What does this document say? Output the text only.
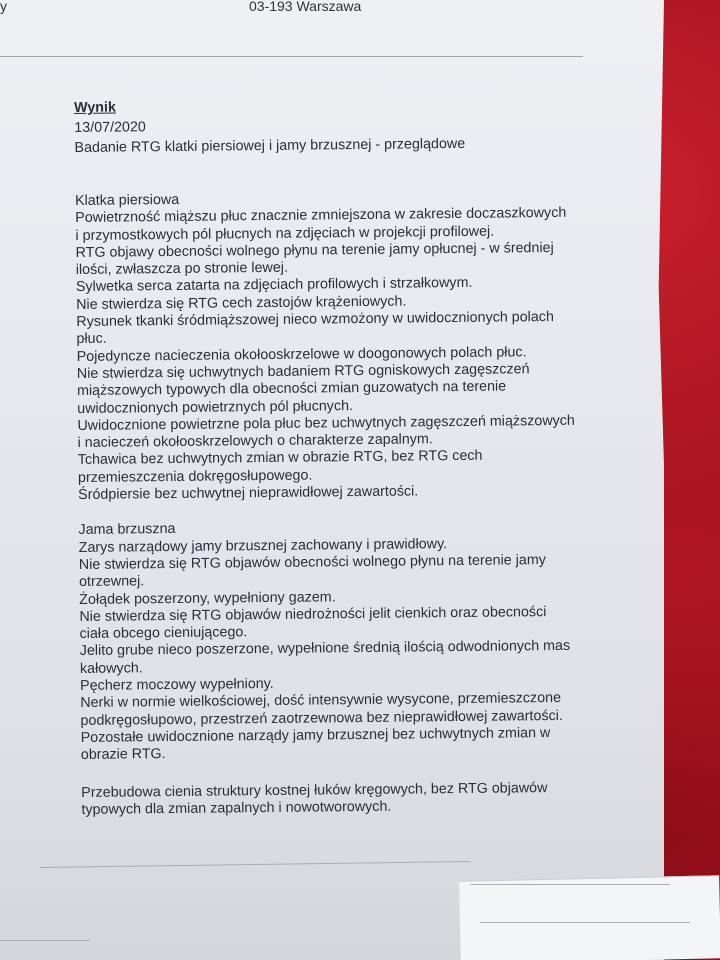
y	03-193 Warszawa

Wynik

13/07/2020

Badanie RTG klatki piersiowej i jamy brzusznej - przeglądowe

Klatka piersiowa

Powietrzność miąższu płuc znacznie zmniejszona w zakresie doczaszkowych

i przymostkowych pól płucnych na zdjęciach w projekcji profilowej.

RTG objawy obecności wolnego płynu na terenie jamy opłucnej - w średniej

ilości, zwłaszcza po stronie lewej.

Sylwetka serca zatarta na zdjęciach profilowych i strzałkowym.

Nie stwierdza się RTG cech zastojów krążeniowych.

Rysunek tkanki śródmiąższowej nieco wzmożony w uwidocznionych polach

płuc.

Pojedyncze nacieczenia okołooskrzelowe w doogonowych polach płuc.

Nie stwierdza się uchwytnych badaniem RTG ogniskowych zagęszczeń

miąższowych typowych dla obecności zmian guzowatych na terenie

uwidocznionych powietrznych pól płucnych.

Uwidocznione powietrzne pola płuc bez uchwytnych zagęszczeń miąższowych

i nacieczeń okołooskrzelowych o charakterze zapalnym.

Tchawica bez uchwytnych zmian w obrazie RTG, bez RTG cech

przemieszczenia dokręgosłupowego.

Śródpiersie bez uchwytnej nieprawidłowej zawartości.

Jama brzuszna

Zarys narządowy jamy brzusznej zachowany i prawidłowy.

Nie stwierdza się RTG objawów obecności wolnego płynu na terenie jamy

otrzewnej.

Żołądek poszerzony, wypełniony gazem.

Nie stwierdza się RTG objawów niedrożności jelit cienkich oraz obecności

ciała obcego cieniującego.

Jelito grube nieco poszerzone, wypełnione średnią ilością odwodnionych mas

kałowych.

Pęcherz moczowy wypełniony.

Nerki w normie wielkościowej, dość intensywnie wysycone, przemieszczone

podkręgosłupowo, przestrzeń zaotrzewnowa bez nieprawidłowej zawartości.

Pozostałe uwidocznione narządy jamy brzusznej bez uchwytnych zmian w

obrazie RTG.

Przebudowa cienia struktury kostnej łuków kręgowych, bez RTG objawów

typowych dla zmian zapalnych i nowotworowych.
